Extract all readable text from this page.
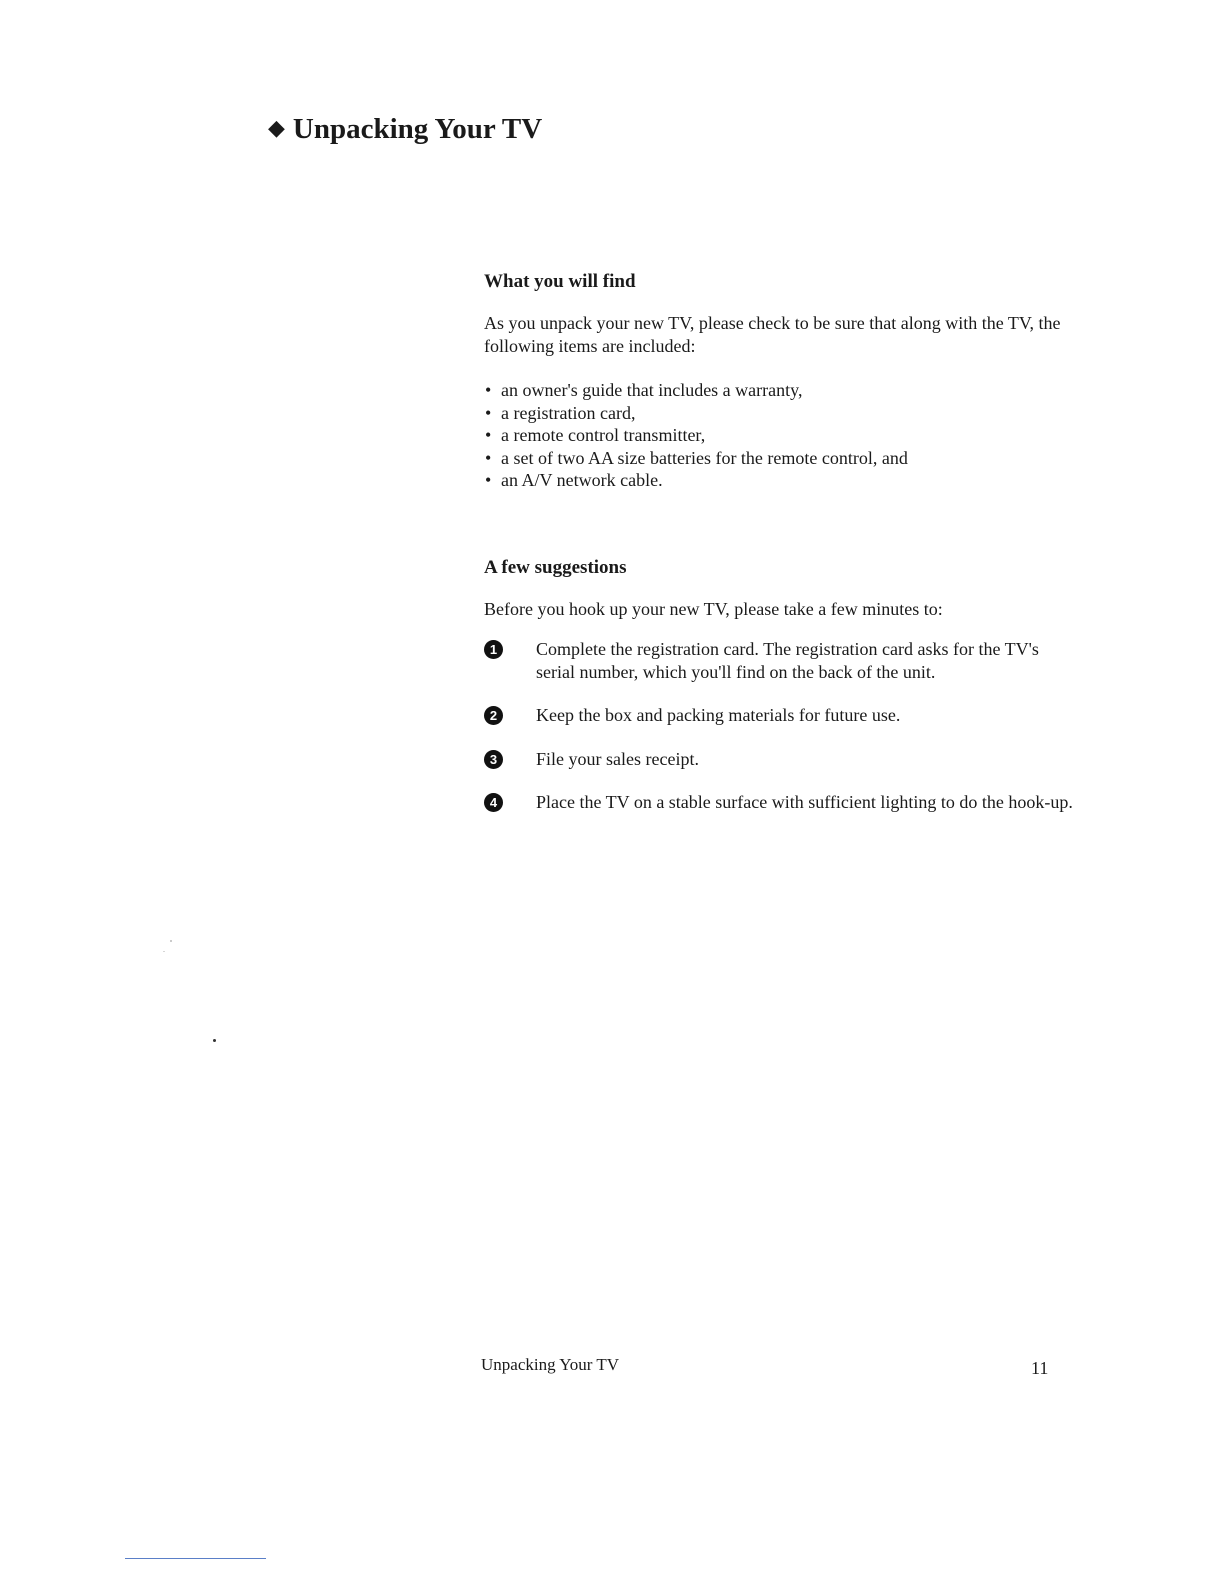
◆ Unpacking Your TV
What you will find

As you unpack your new TV, please check to be sure that along with the TV, the following items are included:

• an owner's guide that includes a warranty,
• a registration card,
• a remote control transmitter,
• a set of two AA size batteries for the remote control, and
• an A/V network cable.
A few suggestions

Before you hook up your new TV, please take a few minutes to:

1	Complete the registration card. The registration card asks for the TV's serial number, which you'll find on the back of the unit.
2	Keep the box and packing materials for future use.
3	File your sales receipt.
4	Place the TV on a stable surface with sufficient lighting to do the hook-up.
Unpacking Your TV	11
